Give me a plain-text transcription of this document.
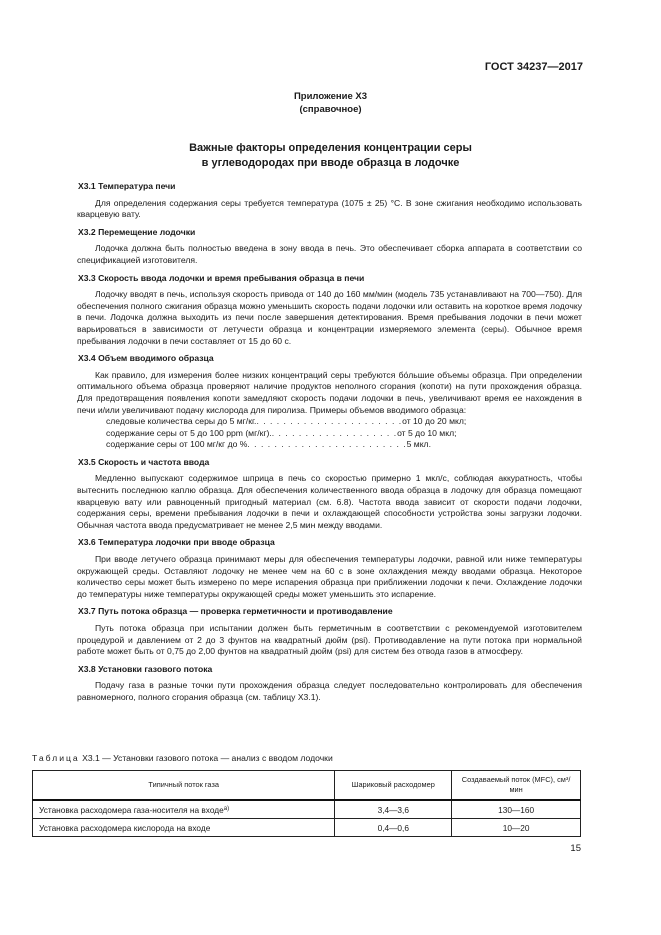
ГОСТ 34237—2017
Приложение Х3
(справочное)
Важные факторы определения концентрации серы
в углеводородах при вводе образца в лодочке

Х3.1 Температура печи

Для определения содержания серы требуется температура (1075 ± 25) °С. В зоне сжигания необходимо использовать кварцевую вату.

Х3.2 Перемещение лодочки

Лодочка должна быть полностью введена в зону ввода в печь. Это обеспечивает сборка аппарата в соответствии со спецификацией изготовителя.

Х3.3 Скорость ввода лодочки и время пребывания образца в печи

Лодочку вводят в печь, используя скорость привода от 140 до 160 мм/мин (модель 735 устанавливают на 700—750). Для обеспечения полного сжигания образца можно уменьшить скорость подачи лодочки или оставить на короткое время лодочку в печи. Лодочка должна выходить из печи после завершения детектирования. Время пребывания лодочки в печи может варьироваться в зависимости от летучести образца и концентрации измеряемого элемента (серы). Обычное время пребывания лодочки в печи составляет от 15 до 60 с.

Х3.4 Объем вводимого образца

Как правило, для измерения более низких концентраций серы требуются бо́льшие объемы образца. При определении оптимального объема образца проверяют наличие продуктов неполного сгорания (копоти) на пути прохождения образца. Для предотвращения появления копоти замедляют скорость подачи лодочки в печь, увеличивают время ее нахождения в печи и/или увеличивают подачу кислорода для пиролиза. Примеры объемов вводимого образца:

следовые количества серы до 5 мг/кг.. . . . . . . . . . . . . . . . . . . . . .от 10 до 20 мкл;
содержание серы от 5 до 100 ppm (мг/кг).. . . . . . . . . . . . . . . . . . .от 5 до 10 мкл;
содержание серы от 100 мг/кг до %. . . . . . . . . . . . . . . . . . . . . . . .5 мкл.

Х3.5 Скорость и частота ввода

Медленно выпускают содержимое шприца в печь со скоростью примерно 1 мкл/с, соблюдая аккуратность, чтобы вытеснить последнюю каплю образца. Для обеспечения количественного ввода образца в лодочку для образца помещают кварцевую вату или равноценный пригодный материал (см. 6.8). Частота ввода зависит от скорости подачи лодочки, содержания серы, времени пребывания лодочки в печи и охлаждающей способности устройства зоны загрузки лодочки. Обычная частота ввода предусматривает не менее 2,5 мин между вводами.

Х3.6 Температура лодочки при вводе образца

При вводе летучего образца принимают меры для обеспечения температуры лодочки, равной или ниже температуры окружающей среды. Оставляют лодочку не менее чем на 60 с в зоне охлаждения между вводами образца. Некоторое количество серы может быть измерено по мере испарения образца при приближении лодочки к печи. Охлаждение лодочки до температуры ниже температуры окружающей среды может уменьшить это испарение.

Х3.7 Путь потока образца — проверка герметичности и противодавление

Путь потока образца при испытании должен быть герметичным в соответствии с рекомендуемой изготовителем процедурой и давлением от 2 до 3 фунтов на квадратный дюйм (psi). Противодавление на пути потока при нормальной работе может быть от 0,75 до 2,00 фунтов на квадратный дюйм (psi) для систем без отвода газов в атмосферу.

Х3.8 Установки газового потока

Подачу газа в разные точки пути прохождения образца следует последовательно контролировать для обеспечения равномерного, полного сгорания образца (см. таблицу Х3.1).

Таблица Х3.1 — Установки газового потока — анализ с вводом лодочки
Типичный поток газа	Шариковый расходомер	Создаваемый поток (MFC), см³/мин
Установка расходомера газа-носителя на входе$^{а)}$	3,4—3,6	130—160
Установка расходомера кислорода на входе	0,4—0,6	10—20
15
